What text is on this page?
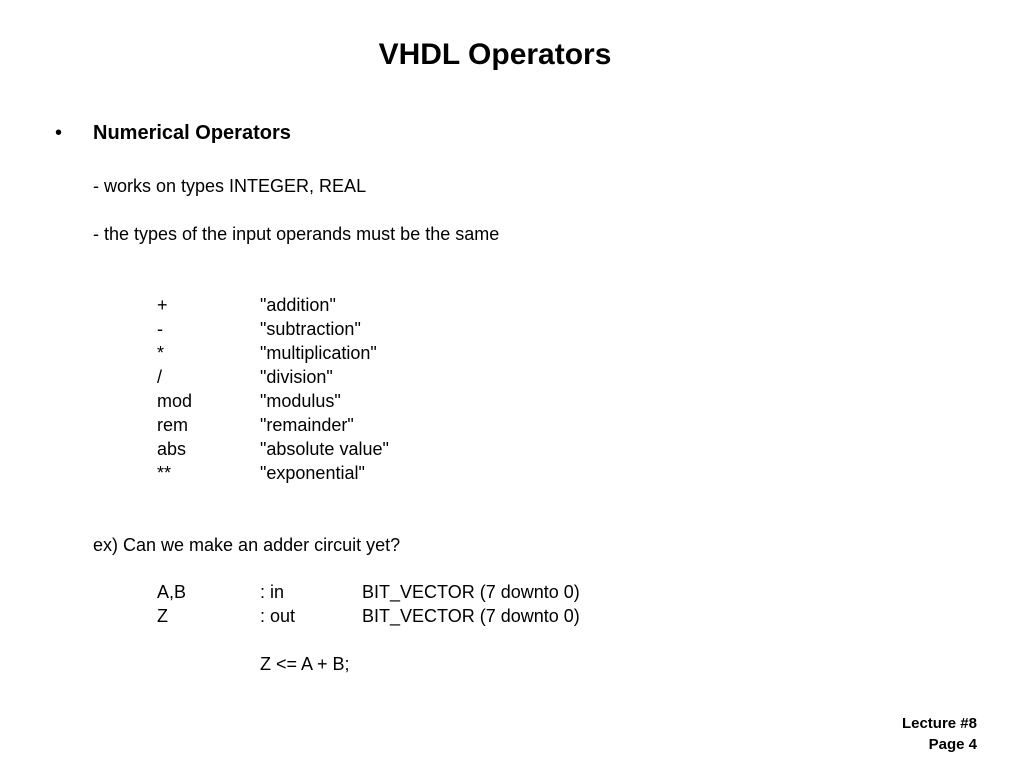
VHDL Operators
• Numerical Operators
- works on types INTEGER, REAL
- the types of the input operands must be the same
+	"addition"
-	"subtraction"
*	"multiplication"
/	"division"
mod	"modulus"
rem	"remainder"
abs	"absolute value"
**	"exponential"
ex) Can we make an adder circuit yet?
A,B	: in	BIT_VECTOR (7 downto 0)
Z	: out	BIT_VECTOR (7 downto 0)
Z <= A + B;
Lecture #8
Page 4
